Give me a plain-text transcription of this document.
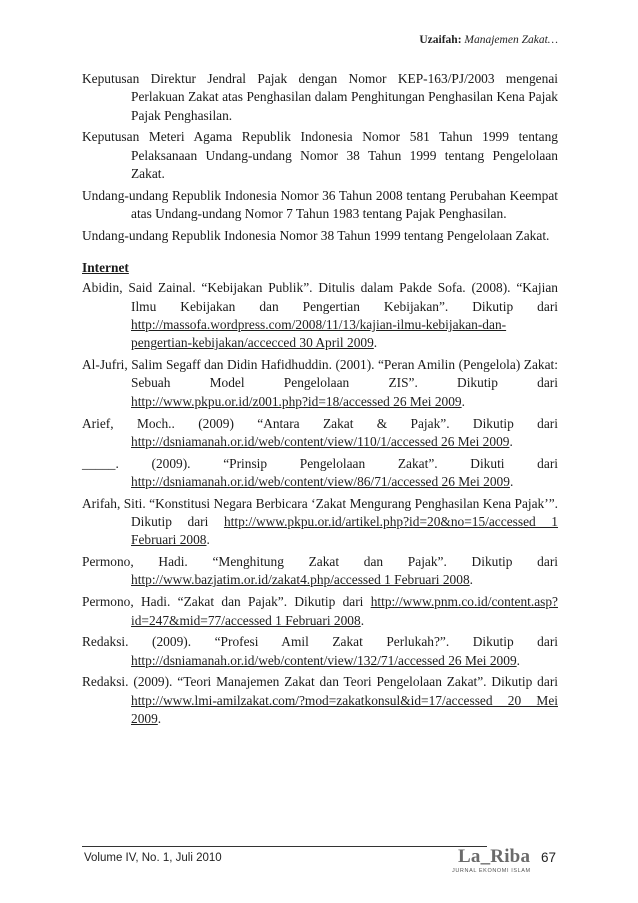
Uzaifah: Manajemen Zakat…

Keputusan Direktur Jendral Pajak dengan Nomor KEP-163/PJ/2003 mengenai Perlakuan Zakat atas Penghasilan dalam Penghitungan Penghasilan Kena Pajak Pajak Penghasilan.

Keputusan Meteri Agama Republik Indonesia Nomor 581 Tahun 1999 tentang Pelaksanaan Undang-undang Nomor 38 Tahun 1999 tentang Pengelolaan Zakat.

Undang-undang Republik Indonesia Nomor 36 Tahun 2008 tentang Perubahan Keempat atas Undang-undang Nomor 7 Tahun 1983 tentang Pajak Penghasilan.

Undang-undang Republik Indonesia Nomor 38 Tahun 1999 tentang Pengelolaan Zakat.

Internet

Abidin, Said Zainal. “Kebijakan Publik”. Ditulis dalam Pakde Sofa. (2008). “Kajian Ilmu Kebijakan dan Pengertian Kebijakan”. Dikutip dari http://massofa.wordpress.com/2008/11/13/kajian-ilmu-kebijakan-dan-pengertian-kebijakan/accecced 30 April 2009.

Al-Jufri, Salim Segaff dan Didin Hafidhuddin. (2001). “Peran Amilin (Pengelola) Zakat: Sebuah Model Pengelolaan ZIS”. Dikutip dari http://www.pkpu.or.id/z001.php?id=18/accessed 26 Mei 2009.

Arief, Moch.. (2009) “Antara Zakat & Pajak”. Dikutip dari http://dsniamanah.or.id/web/content/view/110/1/accessed 26 Mei 2009.

_____. (2009). “Prinsip Pengelolaan Zakat”. Dikuti dari http://dsniamanah.or.id/web/content/view/86/71/accessed 26 Mei 2009.

Arifah, Siti. “Konstitusi Negara Berbicara ‘Zakat Mengurang Penghasilan Kena Pajak’”. Dikutip dari http://www.pkpu.or.id/artikel.php?id=20&no=15/accessed 1 Februari 2008.

Permono, Hadi. “Menghitung Zakat dan Pajak”. Dikutip dari http://www.bazjatim.or.id/zakat4.php/accessed 1 Februari 2008.

Permono, Hadi. “Zakat dan Pajak”. Dikutip dari http://www.pnm.co.id/content.asp?id=247&mid=77/accessed 1 Februari 2008.

Redaksi. (2009). “Profesi Amil Zakat Perlukah?”. Dikutip dari http://dsniamanah.or.id/web/content/view/132/71/accessed 26 Mei 2009.

Redaksi. (2009). “Teori Manajemen Zakat dan Teori Pengelolaan Zakat”. Dikutip dari http://www.lmi-amilzakat.com/?mod=zakatkonsul&id=17/accessed 20 Mei 2009.

Volume IV, No. 1, Juli 2010	La_Riba
JURNAL EKONOMI ISLAM
67
